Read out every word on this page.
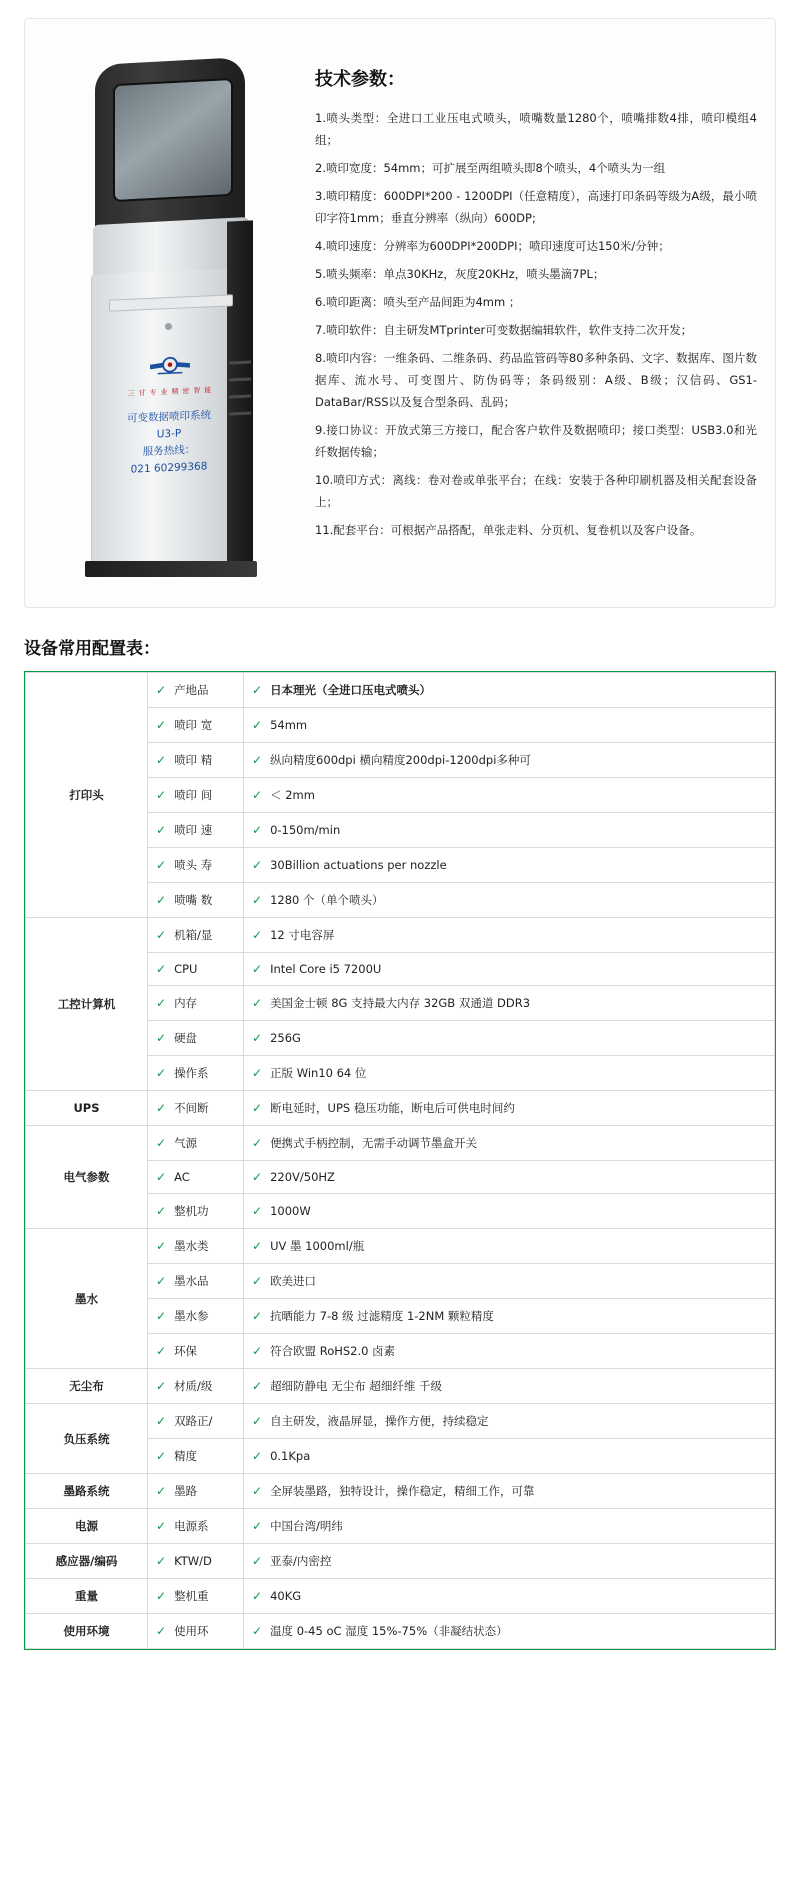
三 甘 专 业 精 密 智 能
可变数据喷印系统
U3-P
服务热线：
021 60299368
技术参数：
1.喷头类型：全进口工业压电式喷头，喷嘴数量1280个，喷嘴排数4排，喷印模组4组；
2.喷印宽度：54mm；可扩展至两组喷头即8个喷头，4个喷头为一组
3.喷印精度：600DPI*200 - 1200DPI（任意精度），高速打印条码等级为A级，最小喷印字符1mm；垂直分辨率（纵向）600DP;
4.喷印速度：分辨率为600DPI*200DPI；喷印速度可达150米/分钟；
5.喷头频率：单点30KHz，灰度20KHz，喷头墨滴7PL；
6.喷印距离：喷头至产品间距为4mm ；
7.喷印软件：自主研发MTprinter可变数据编辑软件，软件支持二次开发；
8.喷印内容：一维条码、二维条码、药品监管码等80多种条码、文字、数据库、图片数据库、流水号、可变图片、防伪码等；条码级别：A级、B级；汉信码、GS1-DataBar/RSS以及复合型条码、乱码；
9.接口协议：开放式第三方接口，配合客户软件及数据喷印；接口类型：USB3.0和光纤数据传输；
10.喷印方式：离线：卷对卷或单张平台；在线：安装于各种印刷机器及相关配套设备上；
11.配套平台：可根据产品搭配，单张走料、分页机、复卷机以及客户设备。
设备常用配置表：
打印头	✓ 产地品	✓ 日本理光（全进口压电式喷头）
	✓ 喷印 宽	✓ 54mm
	✓ 喷印 精	✓ 纵向精度600dpi 横向精度200dpi-1200dpi多种可
	✓ 喷印 间	✓ ＜ 2mm
	✓ 喷印 速	✓ 0-150m/min
	✓ 喷头 寿	✓ 30Billion actuations per nozzle
	✓ 喷嘴 数	✓ 1280 个（单个喷头）
工控计算机	✓ 机箱/显	✓ 12 寸电容屏
	✓ CPU	✓ Intel Core i5 7200U
	✓ 内存	✓ 美国金士顿 8G 支持最大内存 32GB 双通道 DDR3
	✓ 硬盘	✓ 256G
	✓ 操作系	✓ 正版 Win10 64 位
UPS	✓ 不间断	✓ 断电延时，UPS 稳压功能，断电后可供电时间约
电气参数	✓ 气源	✓ 便携式手柄控制，无需手动调节墨盒开关
	✓ AC	✓ 220V/50HZ
	✓ 整机功	✓ 1000W
墨水	✓ 墨水类	✓ UV 墨 1000ml/瓶
	✓ 墨水品	✓ 欧美进口
	✓ 墨水参	✓ 抗晒能力 7-8 级 过滤精度 1-2NM 颗粒精度
	✓ 环保	✓ 符合欧盟 RoHS2.0 卤素
无尘布	✓ 材质/级	✓ 超细防静电 无尘布 超细纤维 千级
负压系统	✓ 双路正/	✓ 自主研发，液晶屏显，操作方便，持续稳定
	✓ 精度	✓ 0.1Kpa
墨路系统	✓ 墨路	✓ 全屏装墨路，独特设计，操作稳定，精细工作，可靠
电源	✓ 电源系	✓ 中国台湾/明纬
感应器/编码	✓ KTW/D	✓ 亚泰/内密控
重量	✓ 整机重	✓ 40KG
使用环境	✓ 使用环	✓ 温度 0-45 oC 湿度 15%-75%（非凝结状态）
